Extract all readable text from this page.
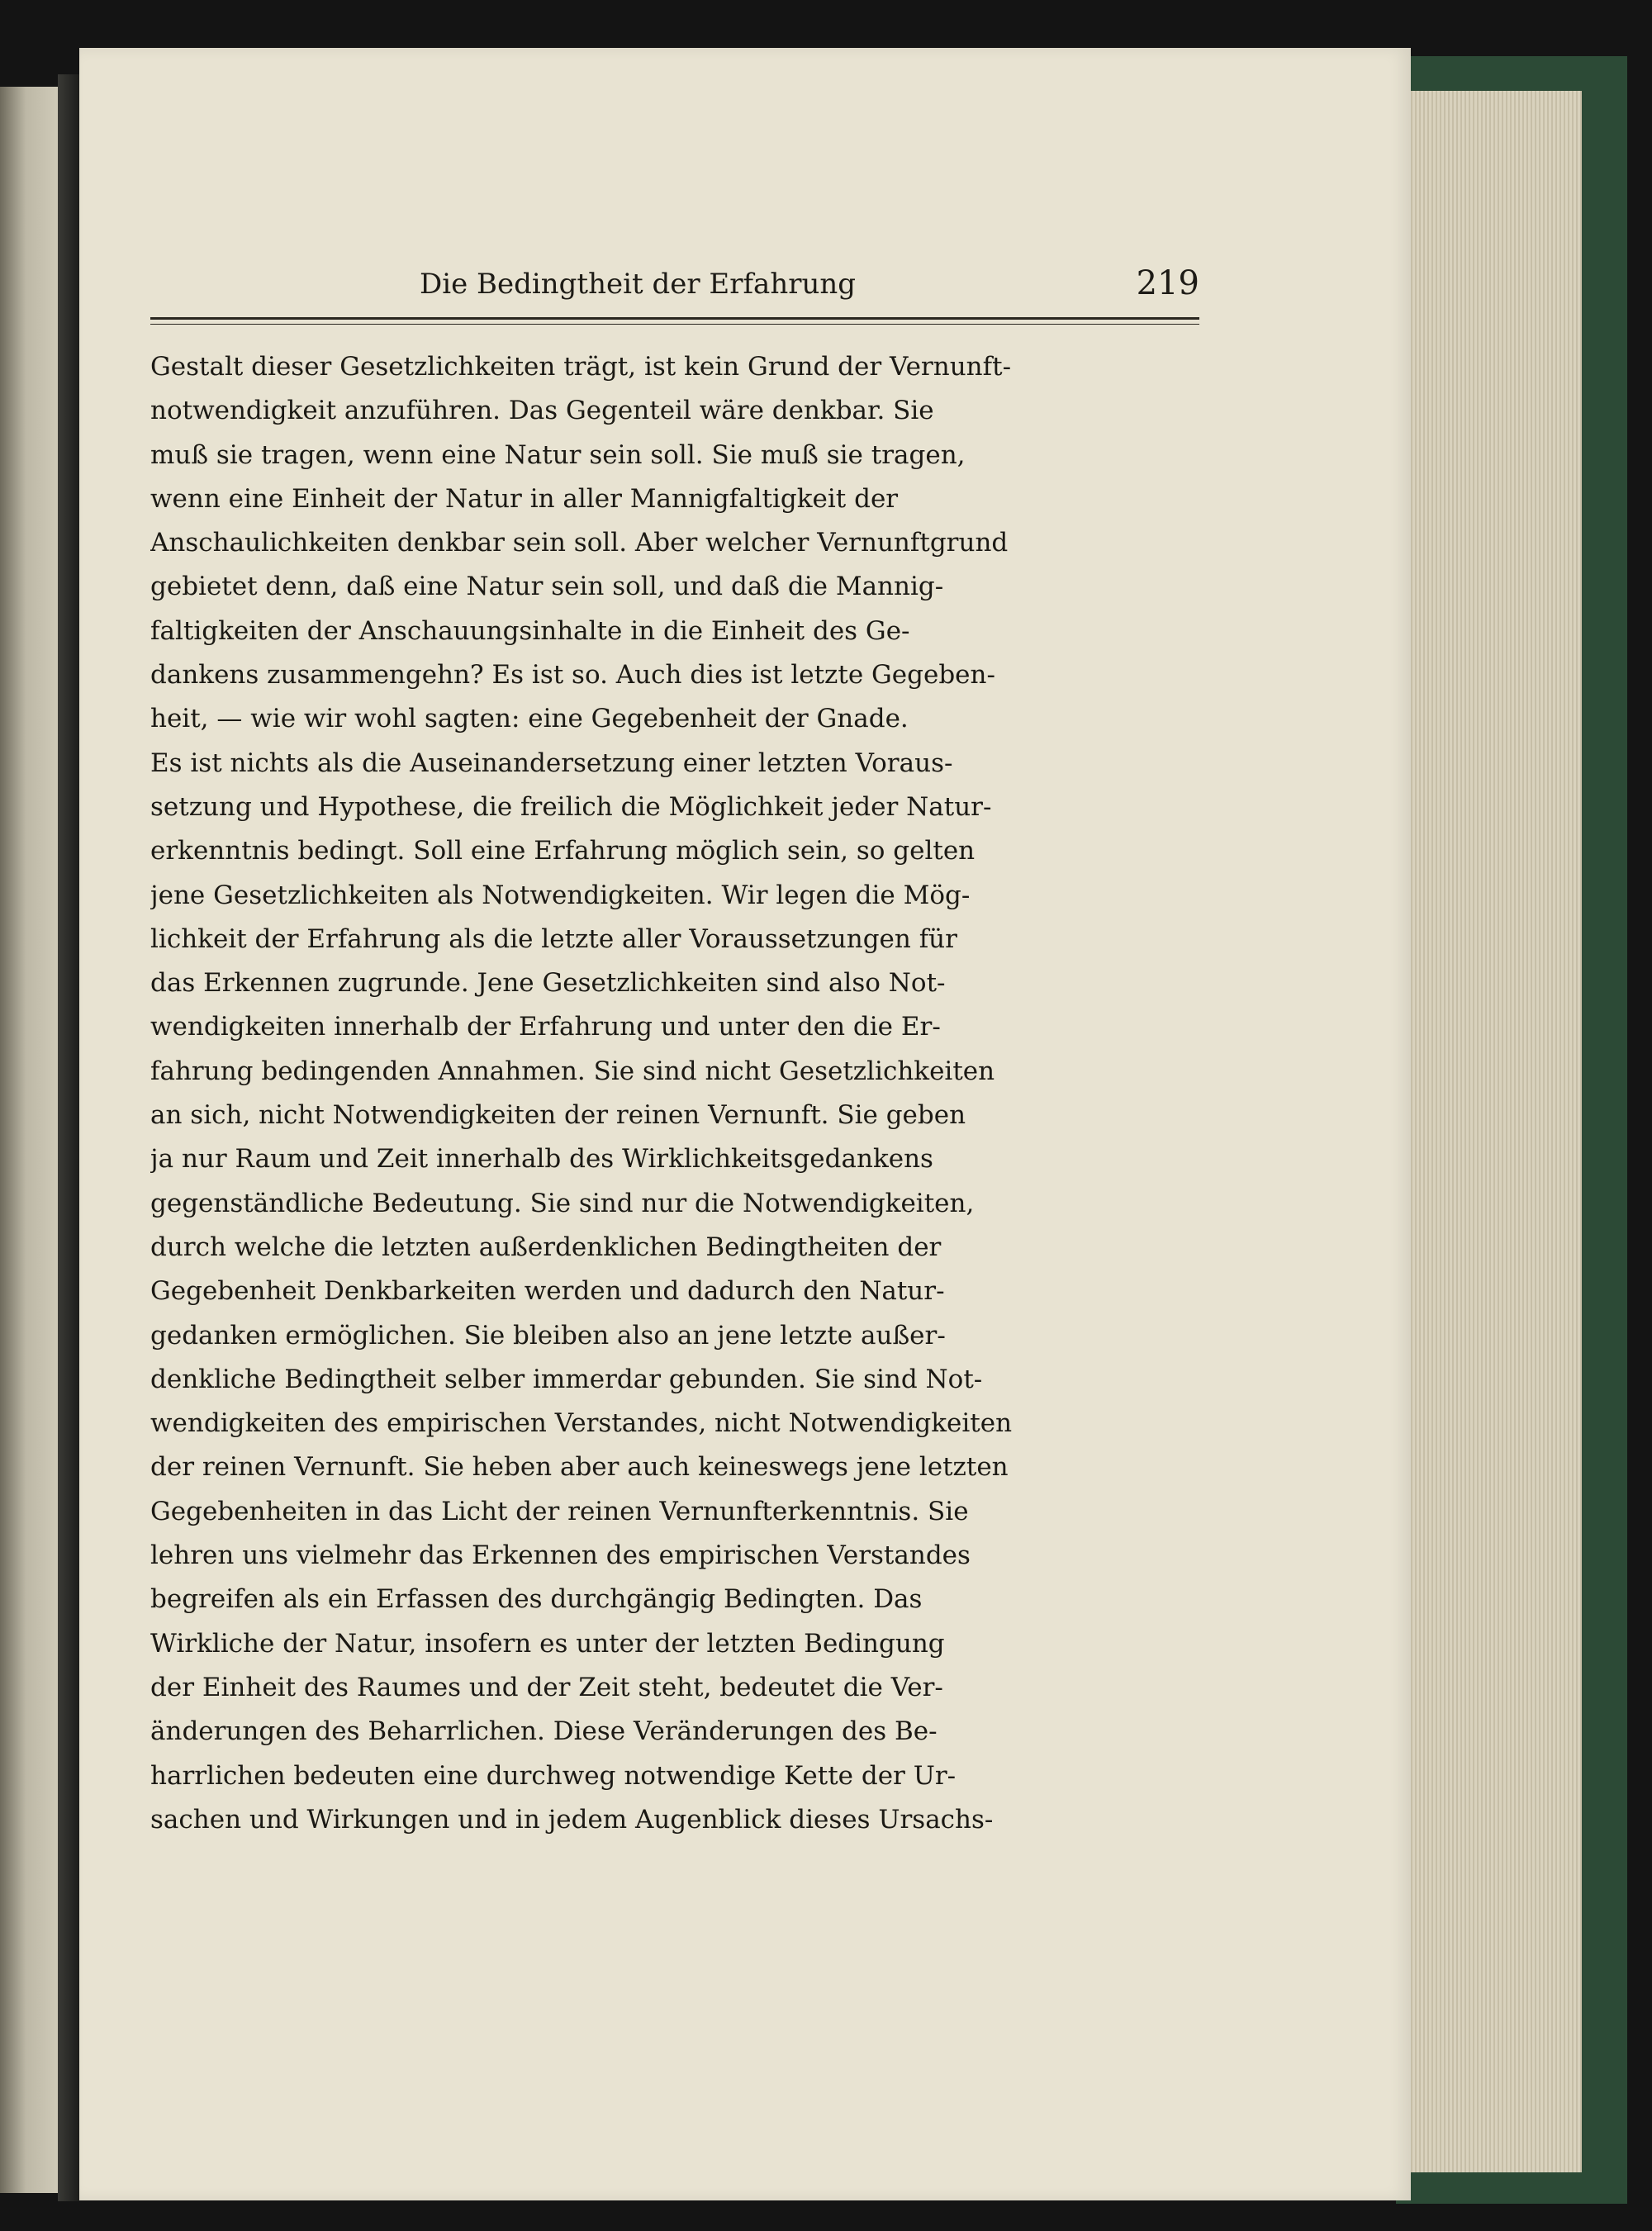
Die Bedingtheit der Erfahrung	219
Gestalt dieser Gesetzlichkeiten trägt, ist kein Grund der Vernunft-
notwendigkeit anzuführen. Das Gegenteil wäre denkbar. Sie
muß sie tragen, wenn eine Natur sein soll. Sie muß sie tragen,
wenn eine Einheit der Natur in aller Mannigfaltigkeit der
Anschaulichkeiten denkbar sein soll. Aber welcher Vernunftgrund
gebietet denn, daß eine Natur sein soll, und daß die Mannig-
faltigkeiten der Anschauungsinhalte in die Einheit des Ge-
dankens zusammengehn? Es ist so. Auch dies ist letzte Gegeben-
heit, — wie wir wohl sagten: eine Gegebenheit der Gnade.
Es ist nichts als die Auseinandersetzung einer letzten Voraus-
setzung und Hypothese, die freilich die Möglichkeit jeder Natur-
erkenntnis bedingt. Soll eine Erfahrung möglich sein, so gelten
jene Gesetzlichkeiten als Notwendigkeiten. Wir legen die Mög-
lichkeit der Erfahrung als die letzte aller Voraussetzungen für
das Erkennen zugrunde. Jene Gesetzlichkeiten sind also Not-
wendigkeiten innerhalb der Erfahrung und unter den die Er-
fahrung bedingenden Annahmen. Sie sind nicht Gesetzlichkeiten
an sich, nicht Notwendigkeiten der reinen Vernunft. Sie geben
ja nur Raum und Zeit innerhalb des Wirklichkeitsgedankens
gegenständliche Bedeutung. Sie sind nur die Notwendigkeiten,
durch welche die letzten außerdenklichen Bedingtheiten der
Gegebenheit Denkbarkeiten werden und dadurch den Natur-
gedanken ermöglichen. Sie bleiben also an jene letzte außer-
denkliche Bedingtheit selber immerdar gebunden. Sie sind Not-
wendigkeiten des empirischen Verstandes, nicht Notwendigkeiten
der reinen Vernunft. Sie heben aber auch keineswegs jene letzten
Gegebenheiten in das Licht der reinen Vernunfterkenntnis. Sie
lehren uns vielmehr das Erkennen des empirischen Verstandes
begreifen als ein Erfassen des durchgängig Bedingten. Das
Wirkliche der Natur, insofern es unter der letzten Bedingung
der Einheit des Raumes und der Zeit steht, bedeutet die Ver-
änderungen des Beharrlichen. Diese Veränderungen des Be-
harrlichen bedeuten eine durchweg notwendige Kette der Ur-
sachen und Wirkungen und in jedem Augenblick dieses Ursachs-
